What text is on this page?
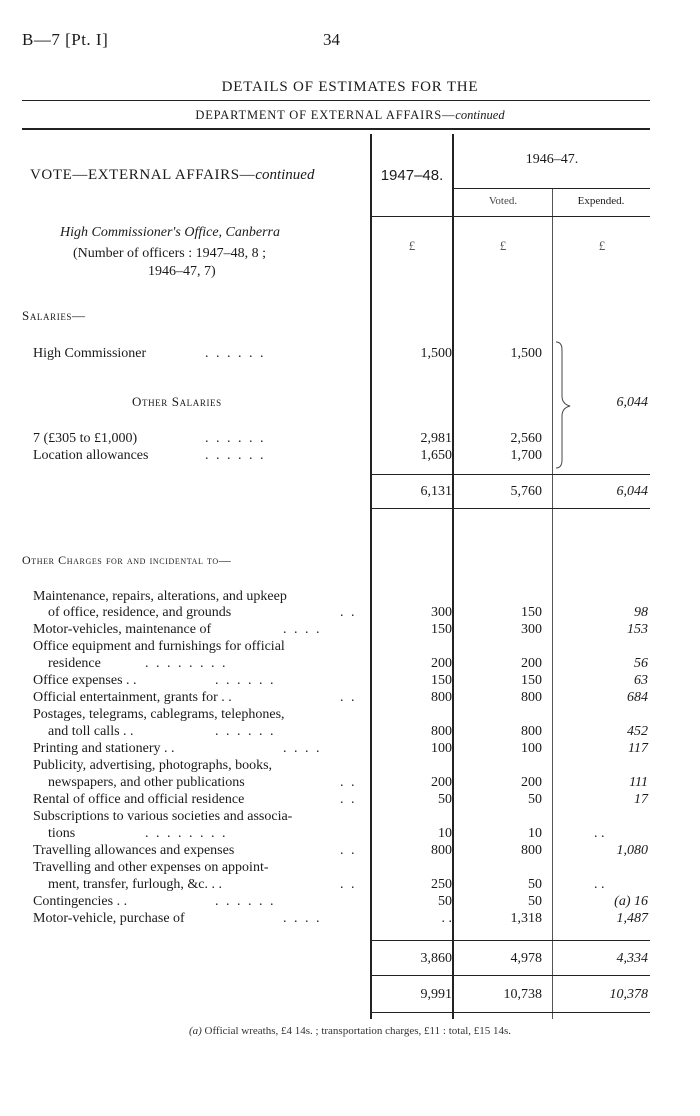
B—7 [Pt. I]	34
DETAILS OF ESTIMATES FOR THE
DEPARTMENT OF EXTERNAL AFFAIRS—continued
VOTE—EXTERNAL AFFAIRS—continued	1947–48.
1946–47.
Voted.	Expended.
High Commissioner's Office, Canberra
(Number of officers : 1947–48, 8 ;
1946–47, 7)
£	£	£
Salaries—
High Commissioner	. . . . . .	1,500	1,500
Other Salaries
7 (£305 to £1,000)	. . . . . .	2,981	2,560
Location allowances	. . . . . .	1,650	1,700
6,044
6,131	5,760	6,044
Other Charges for and incidental to—
Maintenance, repairs, alterations, and upkeep
of office, residence, and grounds	. .	300	150	98
Motor-vehicles, maintenance of	. . . .	150	300	153
Office equipment and furnishings for official
residence	. . . . . . . .	200	200	56
Office expenses . .	. . . . . .	150	150	63
Official entertainment, grants for . .	. .	800	800	684
Postages, telegrams, cablegrams, telephones,
and toll calls . .	. . . . . .	800	800	452
Printing and stationery . .	. . . .	100	100	117
Publicity, advertising, photographs, books,
newspapers, and other publications	. .	200	200	111
Rental of office and official residence	. .	50	50	17
Subscriptions to various societies and associa-
tions	. . . . . . . .	10	10	. .
Travelling allowances and expenses	. .	800	800	1,080
Travelling and other expenses on appoint-
ment, transfer, furlough, &c. . .	. .	250	50	. .
Contingencies . .	. . . . . .	50	50	(a) 16
Motor-vehicle, purchase of	. . . .	. .	1,318	1,487
3,860	4,978	4,334
9,991	10,738	10,378
(a) Official wreaths, £4 14s. ; transportation charges, £11 : total, £15 14s.
